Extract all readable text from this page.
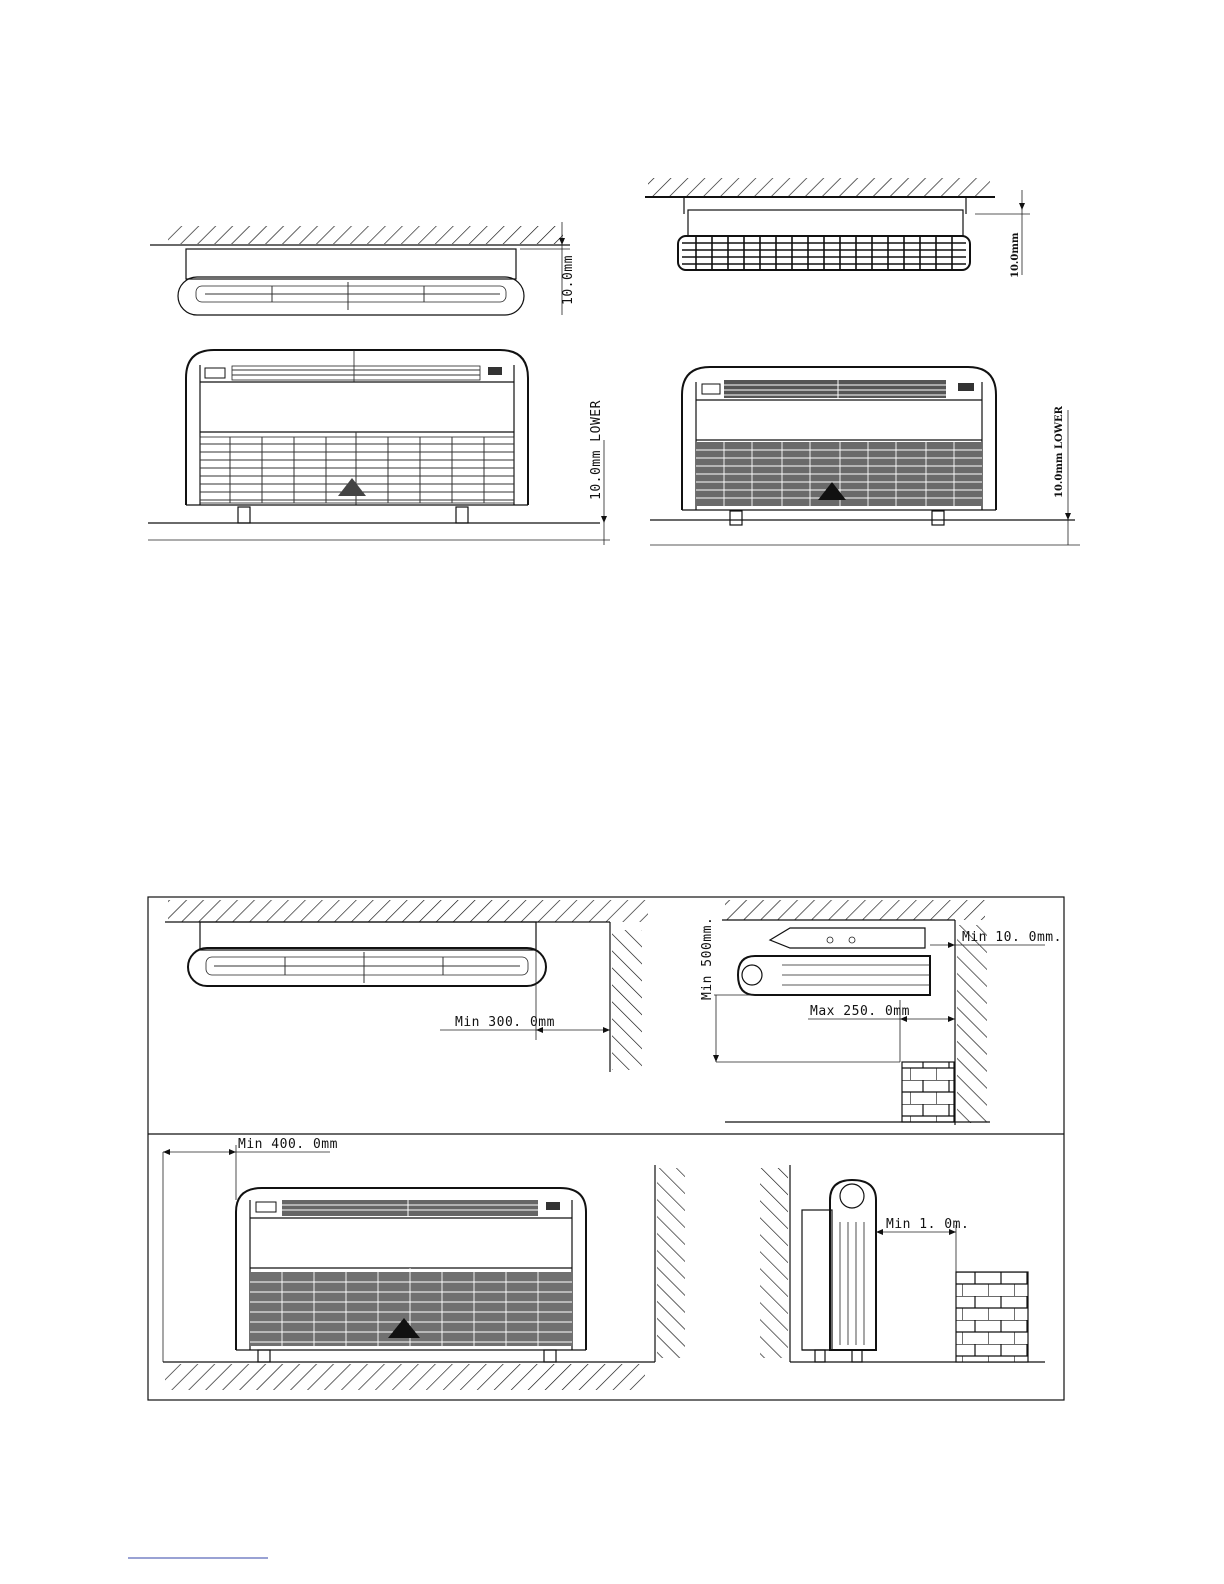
10.0mm
10.0mm LOWER
10.0mm
10.0mm LOWER
Min 300. 0mm
Min 10. 0mm.
Min 500mm.
Max 250. 0mm
Min 400. 0mm
Min 1. 0m.
